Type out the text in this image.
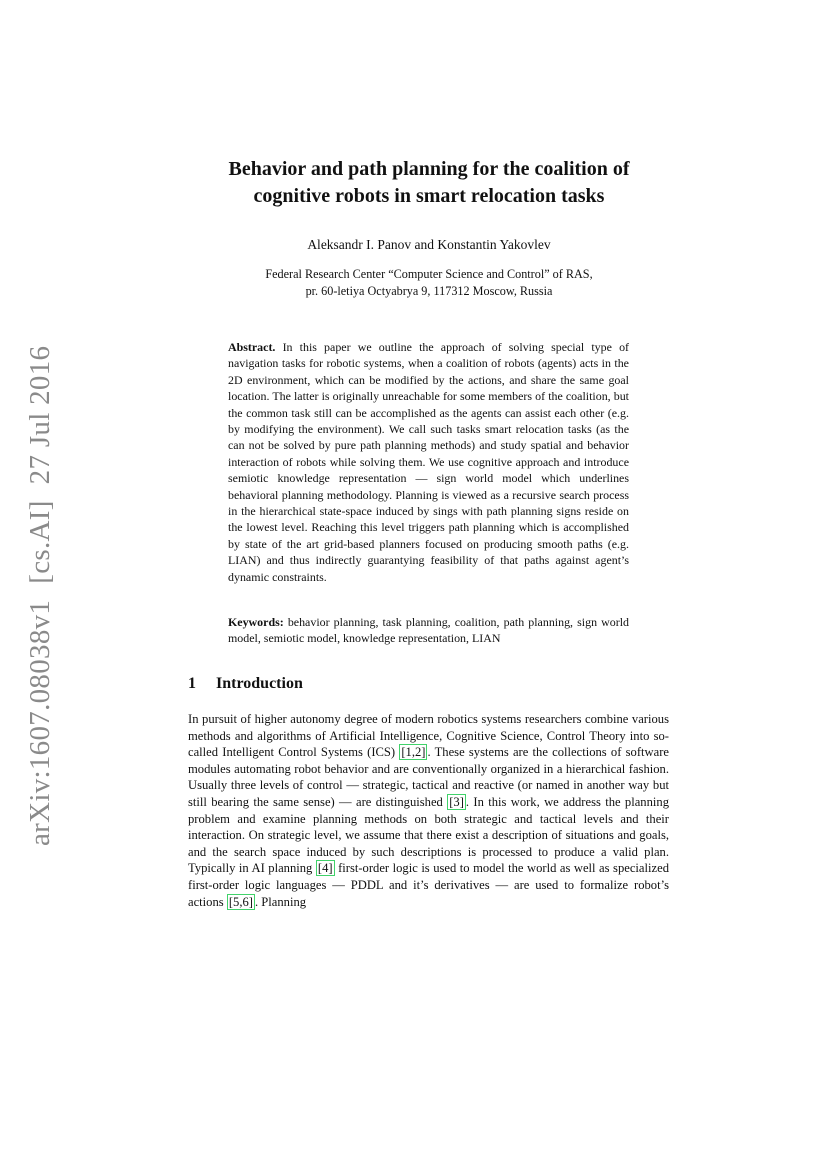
arXiv:1607.08038v1[cs.AI]27 Jul 2016
Behavior and path planning for the coalition of
cognitive robots in smart relocation tasks
Aleksandr I. Panov and Konstantin Yakovlev
Federal Research Center “Computer Science and Control” of RAS,
pr. 60-letiya Octyabrya 9, 117312 Moscow, Russia

Abstract. In this paper we outline the approach of solving special type of navigation tasks for robotic systems, when a coalition of robots (agents) acts in the 2D environment, which can be modified by the actions, and share the same goal location. The latter is originally unreachable for some members of the coalition, but the common task still can be accomplished as the agents can assist each other (e.g. by modifying the environment). We call such tasks smart relocation tasks (as the can not be solved by pure path planning methods) and study spatial and behavior interaction of robots while solving them. We use cognitive approach and introduce semiotic knowledge representation — sign world model which underlines behavioral planning methodology. Planning is viewed as a recursive search process in the hierarchical state-space induced by sings with path planning signs reside on the lowest level. Reaching this level triggers path planning which is accomplished by state of the art grid-based planners focused on producing smooth paths (e.g. LIAN) and thus indirectly guarantying feasibility of that paths against agent’s dynamic constraints.

Keywords: behavior planning, task planning, coalition, path planning, sign world model, semiotic model, knowledge representation, LIAN

1 Introduction

In pursuit of higher autonomy degree of modern robotics systems researchers combine various methods and algorithms of Artificial Intelligence, Cognitive Science, Control Theory into so-called Intelligent Control Systems (ICS) [1,2] . These systems are the collections of software modules automating robot behavior and are conventionally organized in a hierarchical fashion. Usually three levels of control — strategic, tactical and reactive (or named in another way but still bearing the same sense) — are distinguished [3] . In this work, we address the planning problem and examine planning methods on both strategic and tactical levels and their interaction. On strategic level, we assume that there exist a description of situations and goals, and the search space induced by such descriptions is processed to produce a valid plan. Typically in AI planning [4] first-order logic is used to model the world as well as specialized first-order logic languages — PDDL and it’s derivatives — are used to formalize robot’s actions [5,6] . Planning
